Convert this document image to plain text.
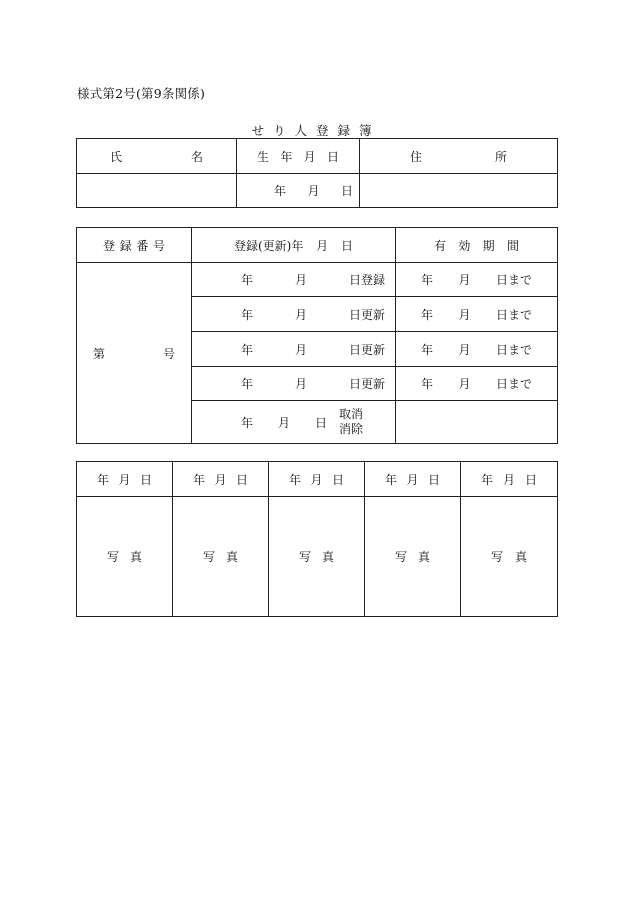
様式第2号(第9条関係)
せり人登録簿
氏 名	生 年 月 日	住 所

	年 月 日	

登 録 番 号	登録(更新)年 月 日	有 効 期 間

第 号	年 月 日登録	年 月 日まで

	年 月 日更新	年 月 日まで

	年 月 日更新	年 月 日まで

	年 月 日更新	年 月 日まで

	年 月 日
取消
消除	

年 月 日	年 月 日	年 月 日	年 月 日	年 月 日

写 真	写 真	写 真	写 真	写 真
